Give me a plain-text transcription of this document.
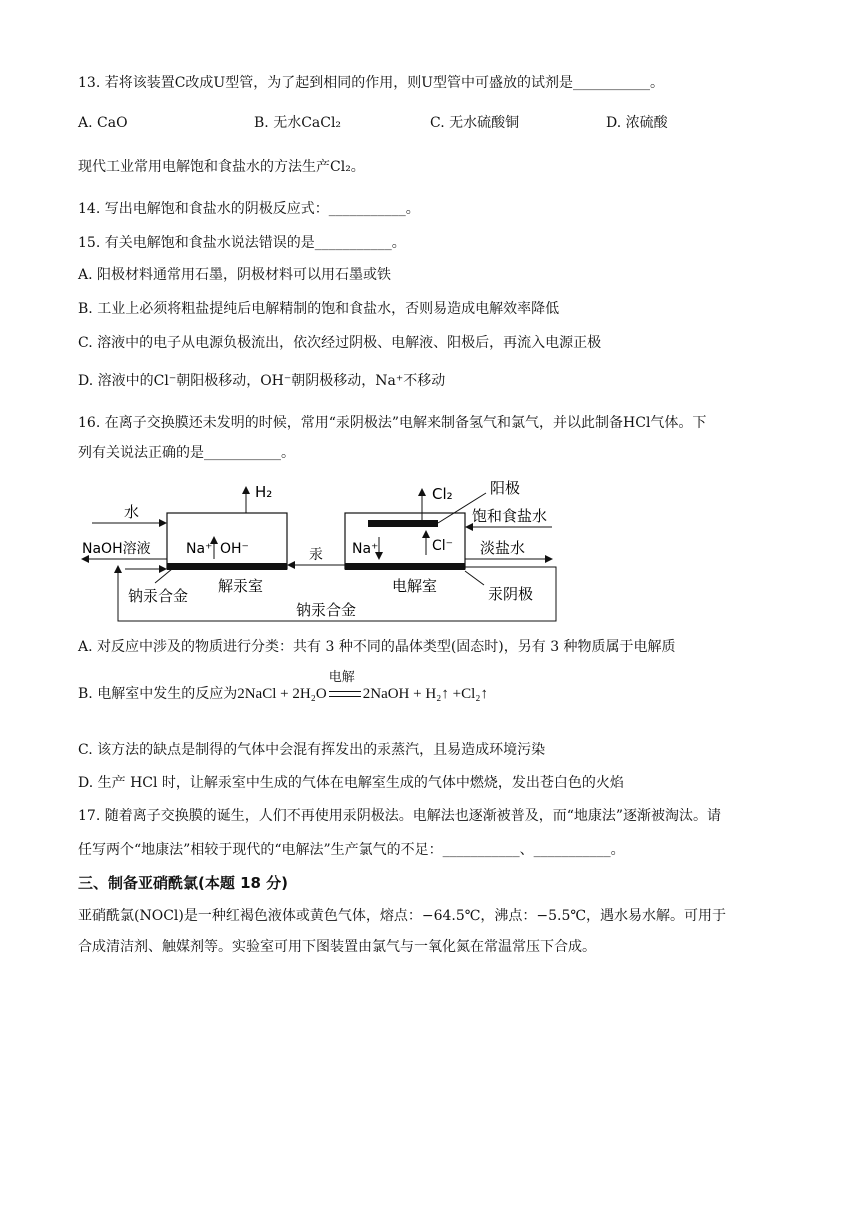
13. 若将该装置C改成U型管，为了起到相同的作用，则U型管中可盛放的试剂是___________。
A. CaO	B. 无水CaCl₂	C. 无水硫酸铜	D. 浓硫酸
现代工业常用电解饱和食盐水的方法生产Cl₂。
14. 写出电解饱和食盐水的阴极反应式：___________。
15. 有关电解饱和食盐水说法错误的是___________。
A. 阳极材料通常用石墨，阴极材料可以用石墨或铁
B. 工业上必须将粗盐提纯后电解精制的饱和食盐水，否则易造成电解效率降低
C. 溶液中的电子从电源负极流出，依次经过阴极、电解液、阳极后，再流入电源正极
D. 溶液中的Cl⁻朝阳极移动，OH⁻朝阴极移动，Na⁺不移动
16. 在离子交换膜还未发明的时候，常用“汞阴极法”电解来制备氢气和氯气，并以此制备HCl气体。下
列有关说法正确的是___________。
水
H₂
NaOH溶液	Na⁺ OH⁻
解汞室
钠汞合金
汞
Cl₂ 阳极
饱和食盐水
Na⁺	Cl⁻ 淡盐水
电解室	汞阴极
钠汞合金
A. 对反应中涉及的物质进行分类：共有 3 种不同的晶体类型(固态时)，另有 3 种物质属于电解质
B. 电解室中发生的反应为2NaCl + 2H₂O
电解
2NaOH + H₂↑ +Cl₂↑
C. 该方法的缺点是制得的气体中会混有挥发出的汞蒸汽，且易造成环境污染
D. 生产 HCl 时，让解汞室中生成的气体在电解室生成的气体中燃烧，发出苍白色的火焰
17. 随着离子交换膜的诞生，人们不再使用汞阴极法。电解法也逐渐被普及，而“地康法”逐渐被淘汰。请
任写两个“地康法”相较于现代的“电解法”生产氯气的不足：___________、___________。
三、制备亚硝酰氯(本题 18 分)
亚硝酰氯(NOCl)是一种红褐色液体或黄色气体，熔点：−64.5℃，沸点：−5.5℃，遇水易水解。可用于
合成清洁剂、触媒剂等。实验室可用下图装置由氯气与一氧化氮在常温常压下合成。
